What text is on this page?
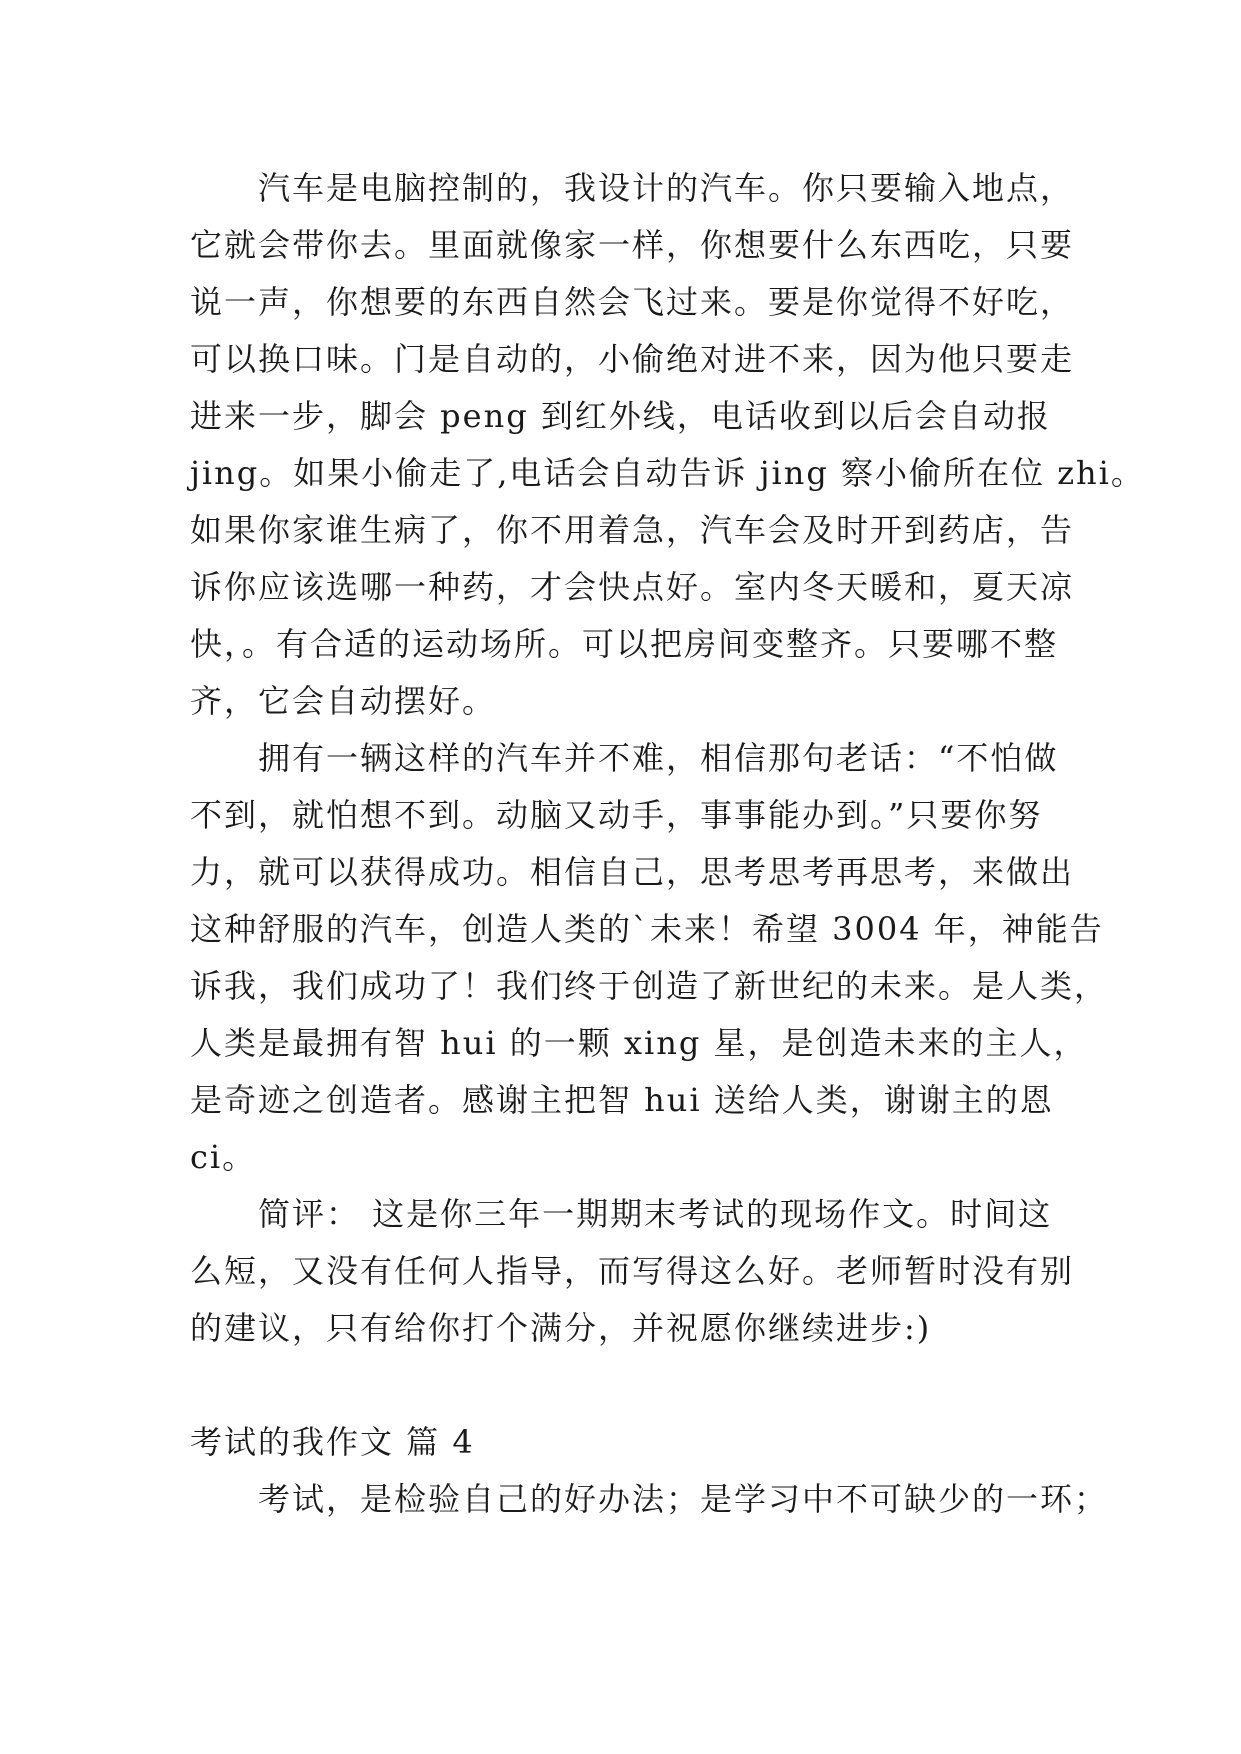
汽车是电脑控制的，我设计的汽车。你只要输入地点，
它就会带你去。里面就像家一样，你想要什么东西吃，只要
说一声，你想要的东西自然会飞过来。要是你觉得不好吃，
可以换口味。门是自动的，小偷绝对进不来，因为他只要走
进来一步，脚会 peng 到红外线，电话收到以后会自动报
jing。如果小偷走了,电话会自动告诉 jing 察小偷所在位 zhi。
如果你家谁生病了，你不用着急，汽车会及时开到药店，告
诉你应该选哪一种药，才会快点好。室内冬天暖和，夏天凉
快，。有合适的运动场所。可以把房间变整齐。只要哪不整
齐，它会自动摆好。
拥有一辆这样的汽车并不难，相信那句老话：“不怕做
不到，就怕想不到。动脑又动手，事事能办到。”只要你努
力，就可以获得成功。相信自己，思考思考再思考，来做出
这种舒服的汽车，创造人类的`未来！希望 3004 年，神能告
诉我，我们成功了！我们终于创造了新世纪的未来。是人类，
人类是最拥有智 hui 的一颗 xing 星，是创造未来的主人，
是奇迹之创造者。感谢主把智 hui 送给人类，谢谢主的恩
ci。
简评： 这是你三年一期期末考试的现场作文。时间这
么短，又没有任何人指导，而写得这么好。老师暂时没有别
的建议，只有给你打个满分，并祝愿你继续进步:)
考试的我作文 篇 4
考试，是检验自己的好办法；是学习中不可缺少的一环；
